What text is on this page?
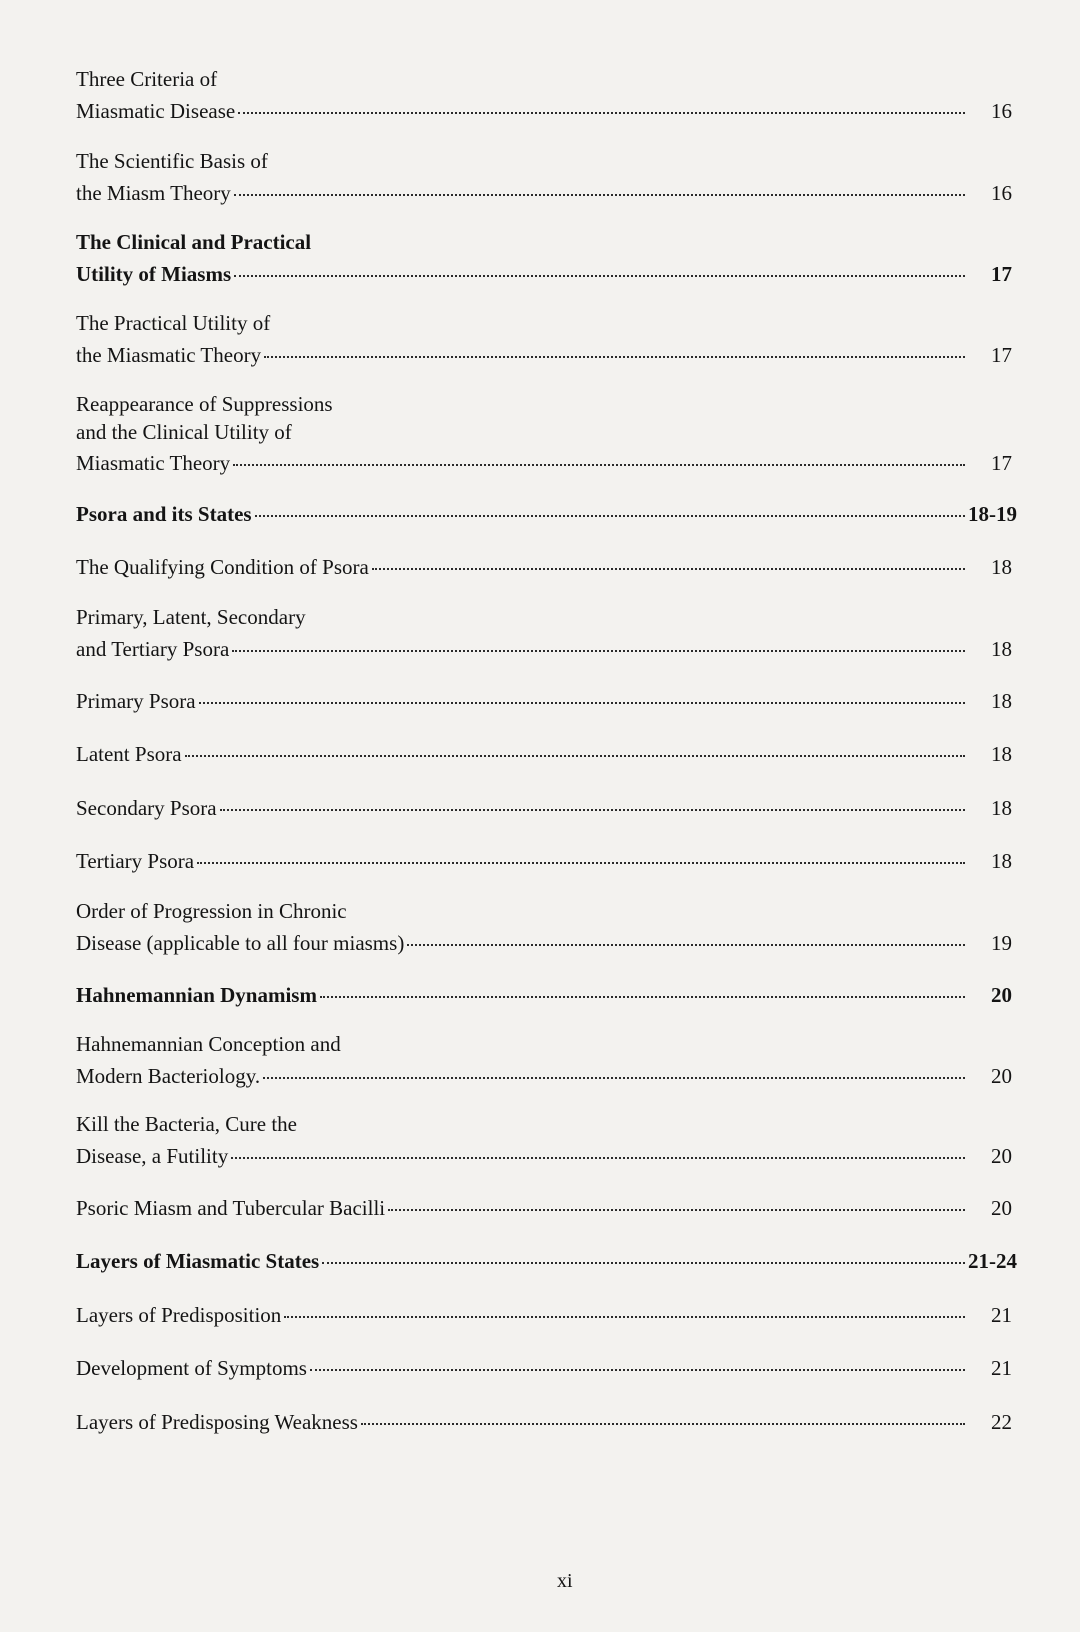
Three Criteria of
Miasmatic Disease	16
The Scientific Basis of
the Miasm Theory	16
The Clinical and Practical
Utility of Miasms	17
The Practical Utility of
the Miasmatic Theory	17
Reappearance of Suppressions
and the Clinical Utility of
Miasmatic Theory	17
Psora and its States	18-19
The Qualifying Condition of Psora	18
Primary, Latent, Secondary
and Tertiary Psora	18
Primary Psora	18
Latent Psora	18
Secondary Psora	18
Tertiary Psora	18
Order of Progression in Chronic
Disease (applicable to all four miasms)	19
Hahnemannian Dynamism	20
Hahnemannian Conception and
Modern Bacteriology.	20
Kill the Bacteria, Cure the
Disease, a Futility	20
Psoric Miasm and Tubercular Bacilli	20
Layers of Miasmatic States	21-24
Layers of Predisposition	21
Development of Symptoms	21
Layers of Predisposing Weakness	22
xi
